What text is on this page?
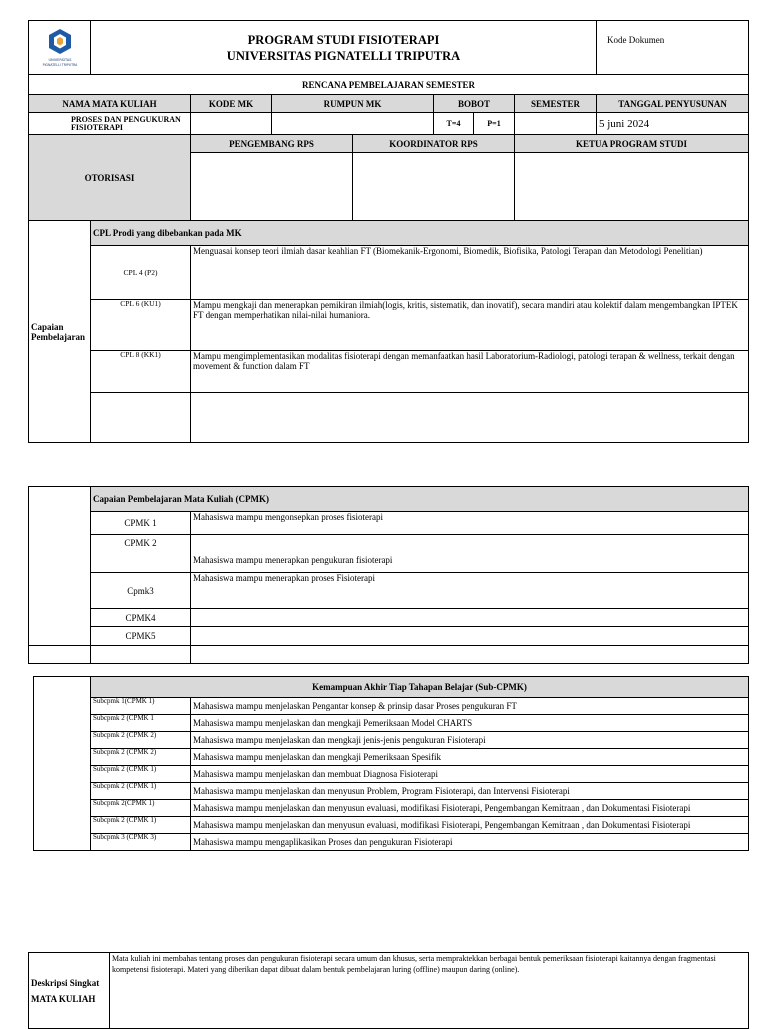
UNIVERSITAS
PIGNATELLI TRIPUTRA

PROGRAM STUDI FISIOTERAPI
UNIVERSITAS PIGNATELLI TRIPUTRA
	Kode Dokumen
RENCANA PEMBELAJARAN SEMESTER						
NAMA MATA KULIAH	KODE MK	RUMPUN MK	BOBOT		SEMESTER	TANGGAL PENYUSUNAN
PROSES DAN PENGUKURAN FISIOTERAPI			T=4	P=1		5 juni 2024
OTORISASI	PENGEMBANG RPS	KOORDINATOR RPS	KETUA PROGRAM STUDI

Capaian Pembelajaran	CPL Prodi yang dibebankan pada MK	
	CPL 4 (P2)	Menguasai konsep teori ilmiah dasar keahlian FT (Biomekanik-Ergonomi, Biomedik, Biofisika, Patologi Terapan dan Metodologi Penelitian)
	CPL 6 (KU1)	Mampu mengkaji dan menerapkan pemikiran ilmiah(logis, kritis, sistematik, dan inovatif), secara mandiri atau kolektif dalam mengembangkan IPTEK FT dengan memperhatikan nilai-nilai humaniora.
	CPL 8 (KK1)	Mampu mengimplementasikan modalitas fisioterapi dengan memanfaatkan hasil Laboratorium-Radiologi, patologi terapan & wellness, terkait dengan movement & function dalam FT

	Capaian Pembelajaran Mata Kuliah (CPMK)	
	CPMK 1	Mahasiswa mampu mengonsepkan proses fisioterapi
	CPMK 2	Mahasiswa mampu menerapkan pengukuran fisioterapi
	Cpmk3	Mahasiswa mampu menerapkan proses Fisioterapi
	CPMK4	
	CPMK5	

	Kemampuan Akhir Tiap Tahapan Belajar (Sub-CPMK)	
	Subcpmk 1(CPMK 1)	Mahasiswa mampu menjelaskan Pengantar konsep & prinsip dasar Proses pengukuran FT
	Subcpmk 2 (CPMK 1	Mahasiswa mampu menjelaskan dan mengkaji Pemeriksaan Model CHARTS
	Subcpmk 2 (CPMK 2)	Mahasiswa mampu menjelaskan dan mengkaji jenis-jenis pengukuran Fisioterapi
	Subcpmk 2 (CPMK 2)	Mahasiswa mampu menjelaskan dan mengkaji Pemeriksaan Spesifik
	Subcpmk 2 (CPMK 1)	Mahasiswa mampu menjelaskan dan membuat Diagnosa Fisioterapi
	Subcpmk 2 (CPMK 1)	Mahasiswa mampu menjelaskan dan menyusun Problem, Program Fisioterapi, dan Intervensi Fisioterapi
	Subcpmk 2(CPMK 1)	Mahasiswa mampu menjelaskan dan menyusun evaluasi, modifikasi Fisioterapi, Pengembangan Kemitraan , dan Dokumentasi Fisioterapi
	Subcpmk 2 (CPMK 1)	Mahasiswa mampu menjelaskan dan menyusun evaluasi, modifikasi Fisioterapi, Pengembangan Kemitraan , dan Dokumentasi Fisioterapi
	Subcpmk 3 (CPMK 3)	Mahasiswa mampu mengaplikasikan Proses dan pengukuran Fisioterapi
Deskripsi Singkat
MATA KULIAH
	Mata kuliah ini membahas tentang proses dan pengukuran fisioterapi secara umum dan khusus, serta mempraktekkan berbagai bentuk pemeriksaan fisioterapi kaitannya dengan fragmentasi kompetensi fisioterapi. Materi yang diberikan dapat dibuat dalam bentuk pembelajaran luring (offline) maupun daring (online).
